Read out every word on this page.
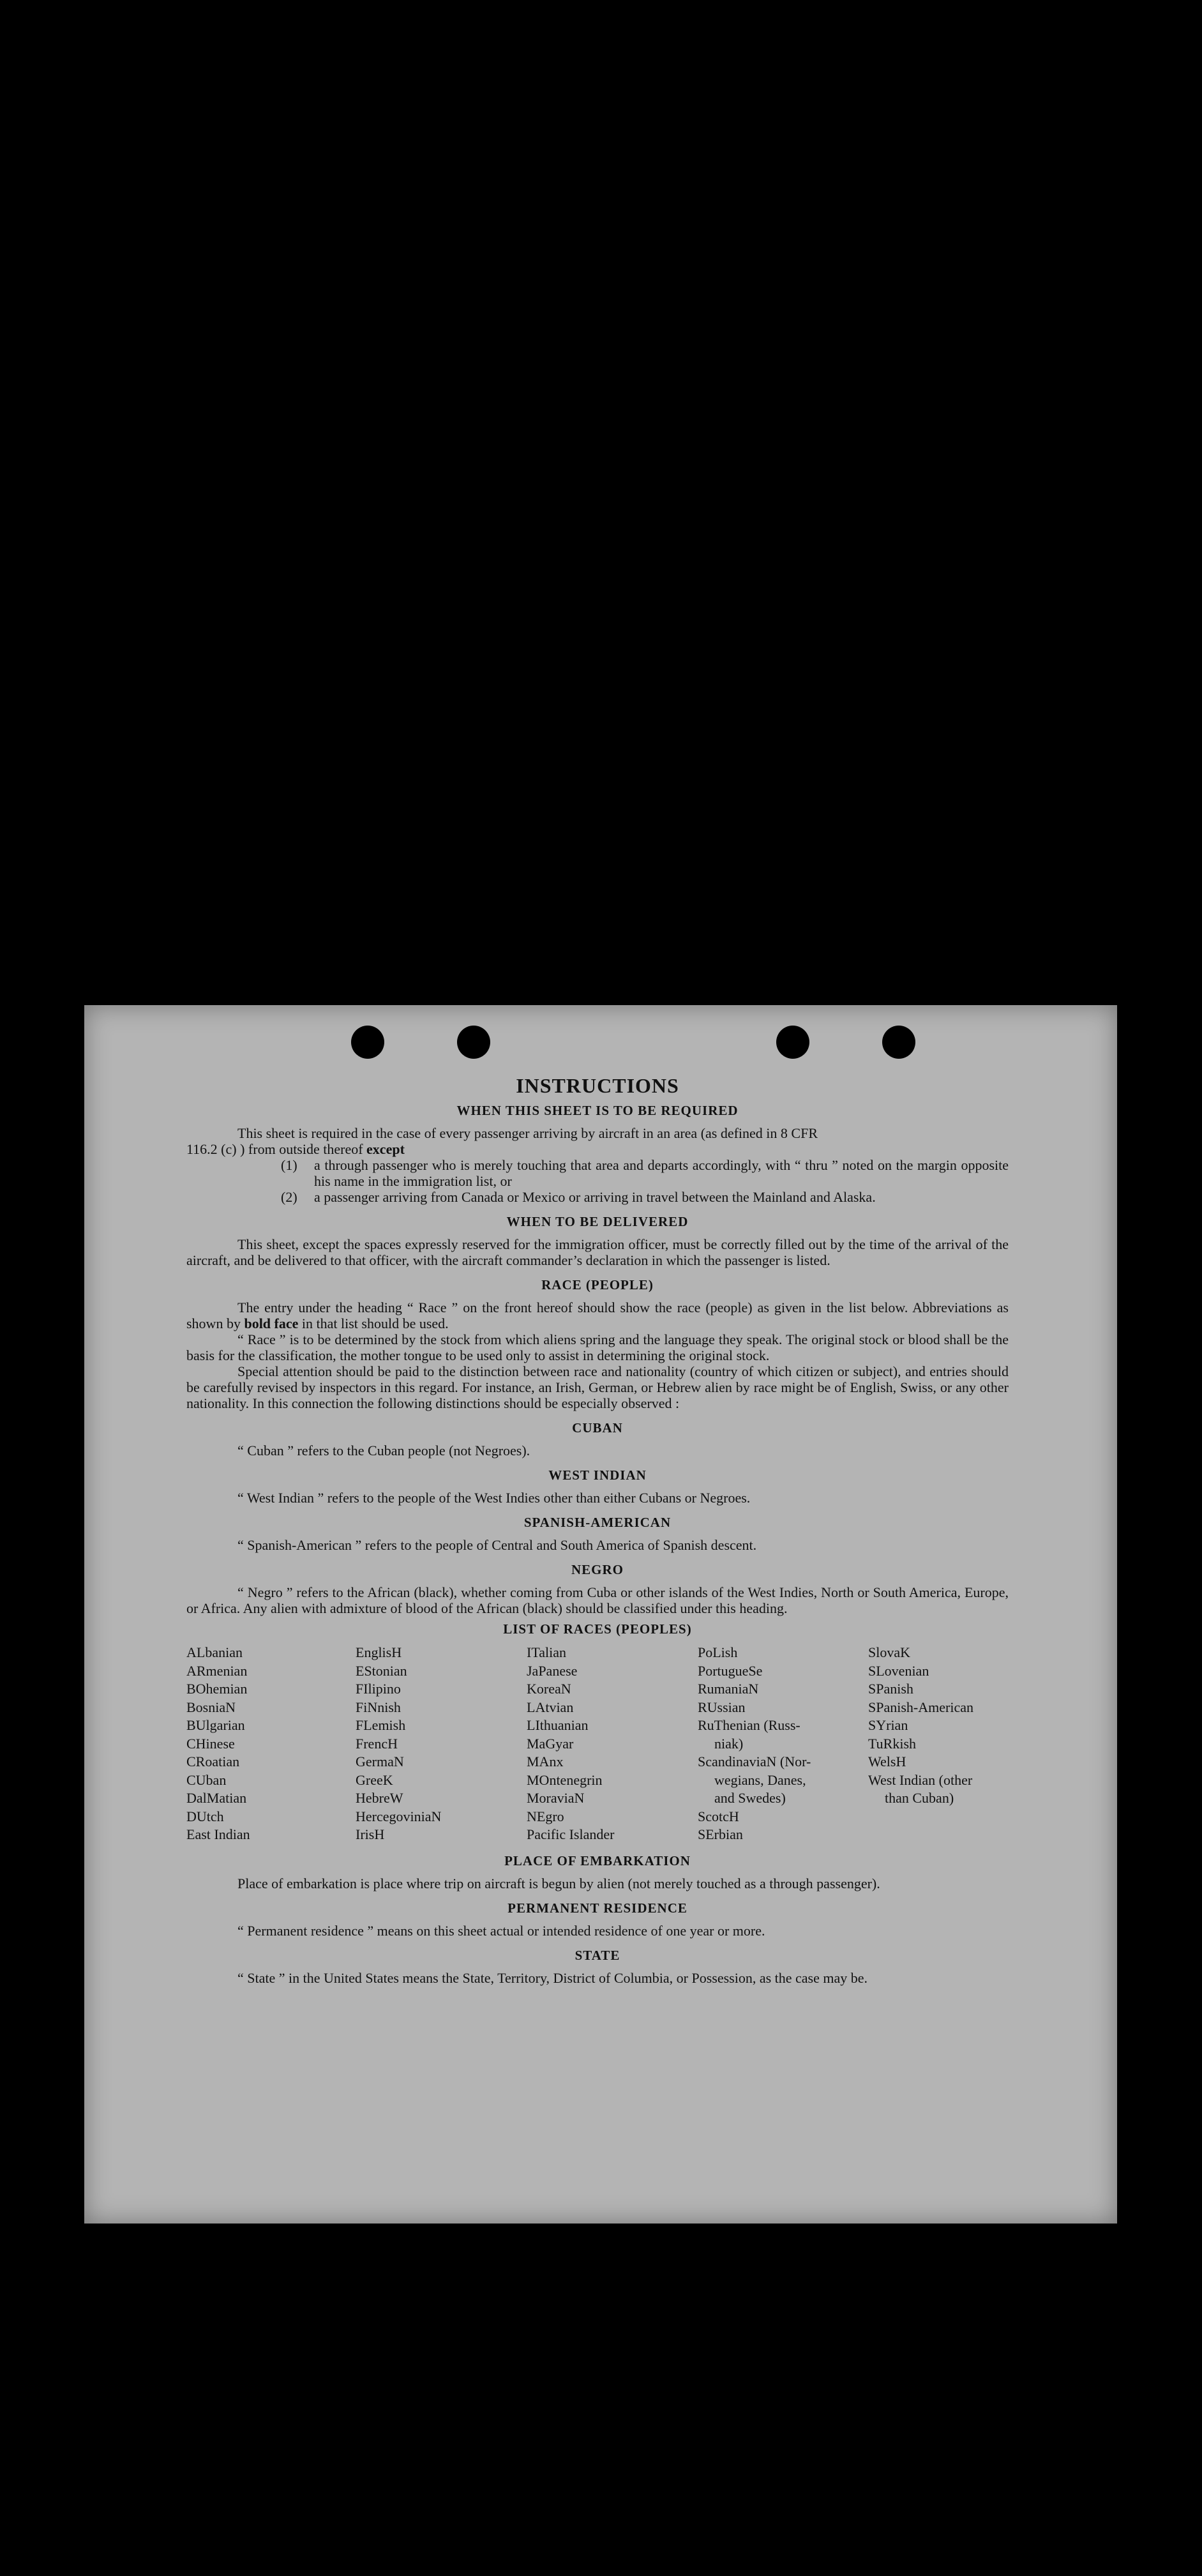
INSTRUCTIONS
WHEN THIS SHEET IS TO BE REQUIRED

This sheet is required in the case of every passenger arriving by aircraft in an area (as defined in 8 CFR

116.2 (c) ) from outside thereof except

(1)	a through passenger who is merely touching that area and departs accordingly, with “ thru ” noted on the margin opposite his name in the immigration list, or
(2)	a passenger arriving from Canada or Mexico or arriving in travel between the Mainland and Alaska.
WHEN TO BE DELIVERED

This sheet, except the spaces expressly reserved for the immigration officer, must be correctly filled out by the time of the arrival of the aircraft, and be delivered to that officer, with the aircraft commander’s declaration in which the passenger is listed.

RACE (PEOPLE)

The entry under the heading “ Race ” on the front hereof should show the race (people) as given in the list below. Abbreviations as shown by bold face in that list should be used.

“ Race ” is to be determined by the stock from which aliens spring and the language they speak. The original stock or blood shall be the basis for the classification, the mother tongue to be used only to assist in determining the original stock.

Special attention should be paid to the distinction between race and nationality (country of which citizen or subject), and entries should be carefully revised by inspectors in this regard. For instance, an Irish, German, or Hebrew alien by race might be of English, Swiss, or any other nationality. In this connection the following distinctions should be especially observed :

CUBAN

“ Cuban ” refers to the Cuban people (not Negroes).

WEST INDIAN

“ West Indian ” refers to the people of the West Indies other than either Cubans or Negroes.

SPANISH-AMERICAN

“ Spanish-American ” refers to the people of Central and South America of Spanish descent.

NEGRO

“ Negro ” refers to the African (black), whether coming from Cuba or other islands of the West Indies, North or South America, Europe, or Africa. Any alien with admixture of blood of the African (black) should be classified under this heading.

LIST OF RACES (PEOPLES)
ALbanian
ARmenian
BOhemian
BosniaN
BUlgarian
CHinese
CRoatian
CUban
DalMatian
DUtch
East Indian
EnglisH
EStonian
FIlipino
FiNnish
FLemish
FrencH
GermaN
GreeK
HebreW
HercegoviniaN
IrisH
ITalian
JaPanese
KoreaN
LAtvian
LIthuanian
MaGyar
MAnx
MOntenegrin
MoraviaN
NEgro
Pacific Islander
PoLish
PortugueSe
RumaniaN
RUssian
RuThenian (Russ-
niak)
ScandinaviaN (Nor-
wegians, Danes,
and Swedes)
ScotcH
SErbian
SlovaK
SLovenian
SPanish
SPanish-American
SYrian
TuRkish
WelsH
West Indian (other
than Cuban)
PLACE OF EMBARKATION

Place of embarkation is place where trip on aircraft is begun by alien (not merely touched as a through passenger).

PERMANENT RESIDENCE

“ Permanent residence ” means on this sheet actual or intended residence of one year or more.

STATE

“ State ” in the United States means the State, Territory, District of Columbia, or Possession, as the case may be.
